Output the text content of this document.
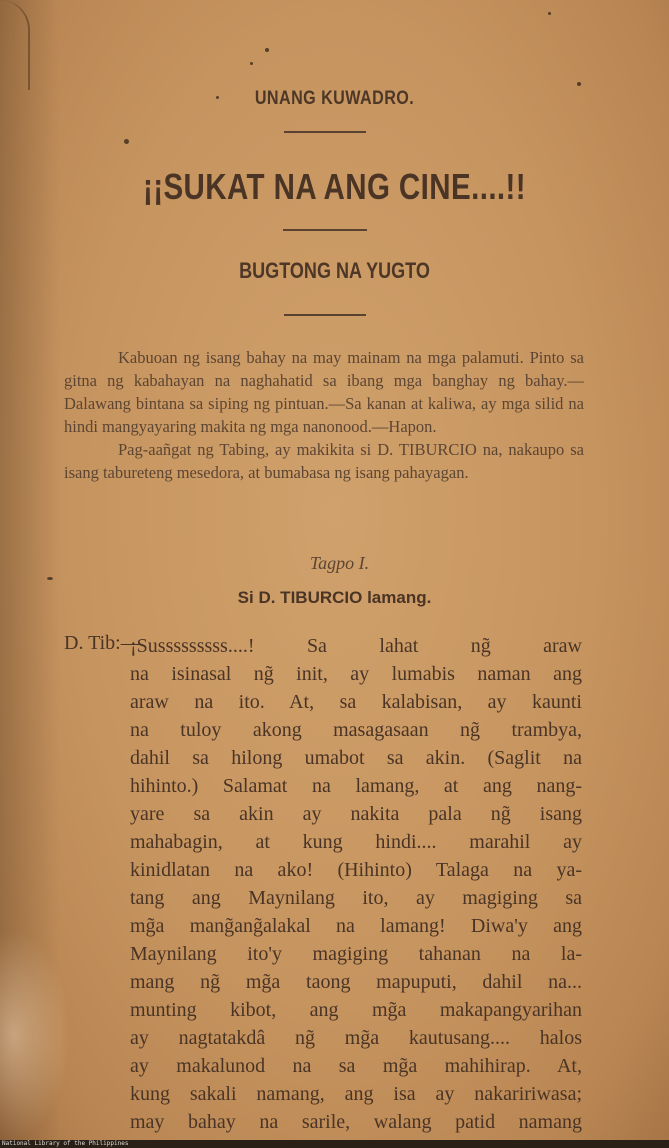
UNANG KUWADRO.
¡¡SUKAT NA ANG CINE....!!
BUGTONG NA YUGTO

Kabuoan ng isang bahay na may mainam na mga palamuti. Pinto sa gitna ng kabahayan na naghahatid sa ibang mga banghay ng bahay.—Dalawang bintana sa siping ng pintuan.—Sa kanan at kaliwa, ay mga silid na hindi mangyayaring makita ng mga nanonood.—Hapon.

Pag-aañgat ng Tabing, ay makikita si D. TIBURCIO na, nakaupo sa isang tabureteng mesedora, at bumabasa ng isang pahayagan.

Tagpo I.
Si D. TIBURCIO lamang.
D. Tib:—
¡Susssssssss....! Sa lahat ng̃ araw
na isinasal ng̃ init, ay lumabis naman ang
araw na ito. At, sa kalabisan, ay kaunti
na tuloy akong masagasaan ng̃ trambya,
dahil sa hilong umabot sa akin. (Saglit na
hihinto.) Salamat na lamang, at ang nang-
yare sa akin ay nakita pala ng̃ isang
mahabagin, at kung hindi.... marahil ay
kinidlatan na ako! (Hihinto) Talaga na ya-
tang ang Maynilang ito, ay magiging sa
mg̃a mang̃ang̃alakal na lamang! Diwa'y ang
Maynilang ito'y magiging tahanan na la-
mang ng̃ mg̃a taong mapuputi, dahil na...
munting kibot, ang mg̃a makapangyarihan
ay nagtatakdâ ng̃ mg̃a kautusang.... halos
ay makalunod na sa mg̃a mahihirap. At,
kung sakali namang, ang isa ay nakaririwasa;
may bahay na sarile, walang patid namang
National Library of the Philippines
